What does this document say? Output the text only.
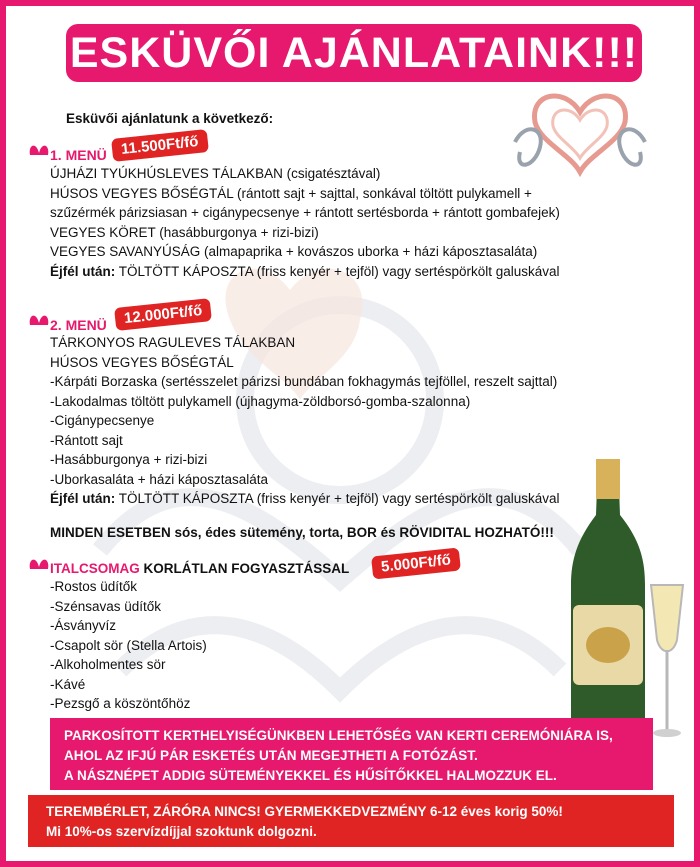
ESKÜVŐI AJÁNLATAINK!!!
Esküvői ajánlatunk a következő:
1. MENÜ 11.500Ft/fő
ÚJHÁZI TYÚKHÚSLEVES TÁLAKBAN (csigatésztával)
HÚSOS VEGYES BŐSÉGTÁL (rántott sajt + sajttal, sonkával töltött pulykamell +
szűzérmék párizsiasan + cigánypecsenye + rántott sertésborda + rántott gombafejek)
VEGYES KÖRET (hasábburgonya + rizi-bizi)
VEGYES SAVANYÚSÁG (almapaprika + kovászos uborka + házi káposztasaláta)
Éjfél után: TÖLTÖTT KÁPOSZTA (friss kenyér + tejföl) vagy sertéspörkölt galuskával
2. MENÜ	12.000Ft/fő
TÁRKONYOS RAGULEVES TÁLAKBAN
HÚSOS VEGYES BŐSÉGTÁL
-Kárpáti Borzaska (sertésszelet párizsi bundában fokhagymás tejföllel, reszelt sajttal)
-Lakodalmas töltött pulykamell (újhagyma-zöldborsó-gomba-szalonna)
-Cigánypecsenye
-Rántott sajt
-Hasábburgonya + rizi-bizi
-Uborkasaláta + házi káposztasaláta
Éjfél után: TÖLTÖTT KÁPOSZTA (friss kenyér + tejföl) vagy sertéspörkölt galuskával
MINDEN ESETBEN sós, édes sütemény, torta, BOR és RÖVIDITAL HOZHATÓ!!!
ITALCSOMAG KORLÁTLAN FOGYASZTÁSSAL	5.000Ft/fő
-Rostos üdítők
-Szénsavas üdítők
-Ásványvíz
-Csapolt sör (Stella Artois)
-Alkoholmentes sör
-Kávé
-Pezsgő a köszöntőhöz
PARKOSÍTOTT KERTHELYISÉGÜNKBEN LEHETŐSÉG VAN KERTI CEREMÓNIÁRA IS,
AHOL AZ IFJÚ PÁR ESKETÉS UTÁN MEGEJTHETI A FOTÓZÁST.
A NÁSZNÉPET ADDIG SÜTEMÉNYEKKEL ÉS HŰSÍTŐKKEL HALMOZZUK EL.
TEREMBÉRLET, ZÁRÓRA NINCS! GYERMEKKEDVEZMÉNY 6-12 éves korig 50%!
Mi 10%-os szervízdíjjal szoktunk dolgozni.
